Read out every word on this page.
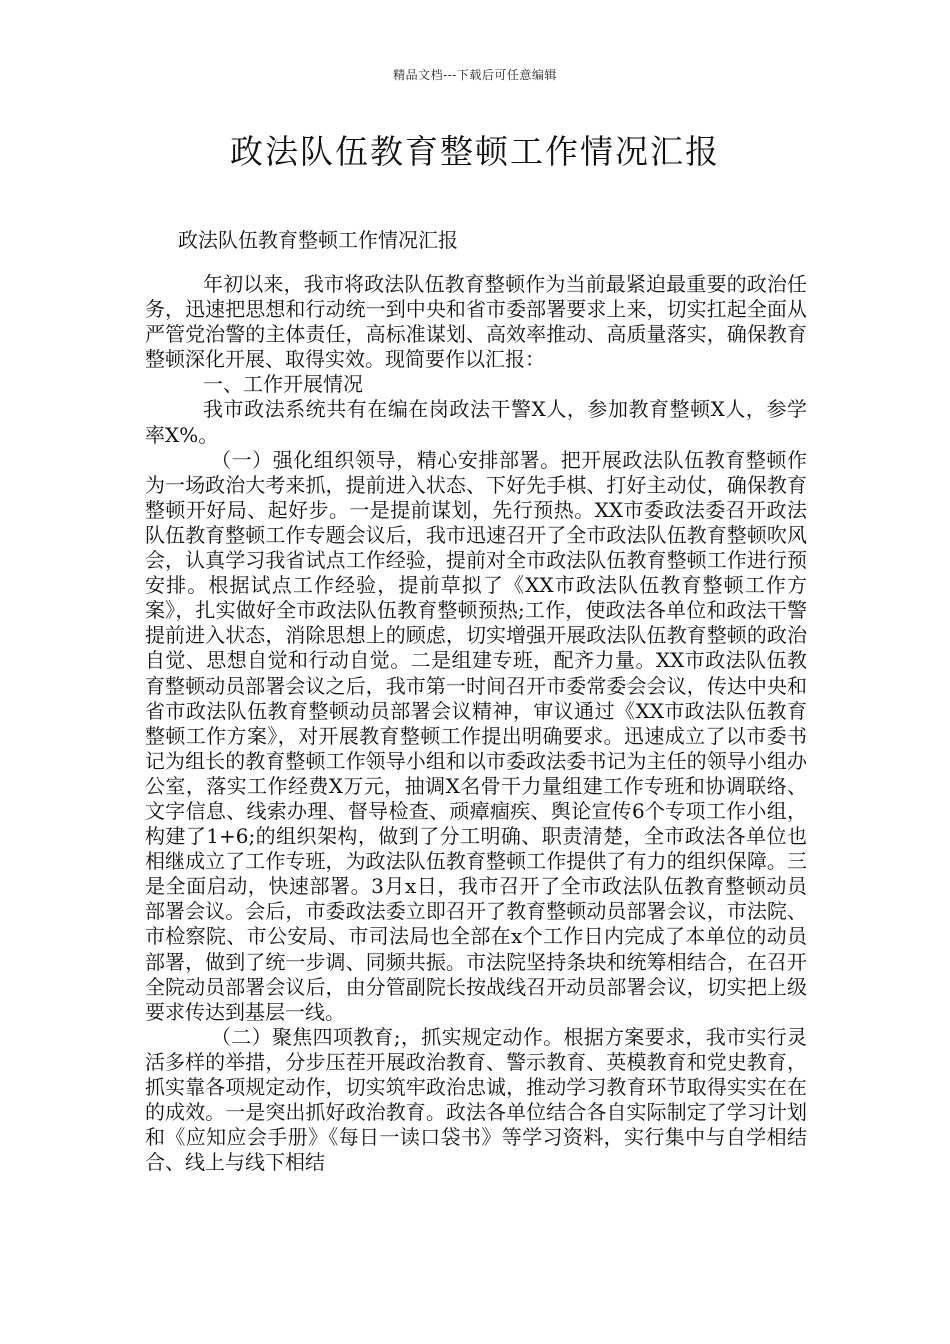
精品文档---下载后可任意编辑
政法队伍教育整顿工作情况汇报

政法队伍教育整顿工作情况汇报

年初以来，我市将政法队伍教育整顿作为当前最紧迫最重要的政治任务，迅速把思想和行动统一到中央和省市委部署要求上来，切实扛起全面从严管党治警的主体责任，高标准谋划、高效率推动、高质量落实，确保教育整顿深化开展、取得实效。现简要作以汇报：

一、工作开展情况

我市政法系统共有在编在岗政法干警X人，参加教育整顿X人，参学率X%。

（一）强化组织领导，精心安排部署。把开展政法队伍教育整顿作为一场政治大考来抓，提前进入状态、下好先手棋、打好主动仗，确保教育整顿开好局、起好步。一是提前谋划，先行预热。XX市委政法委召开政法队伍教育整顿工作专题会议后，我市迅速召开了全市政法队伍教育整顿吹风会，认真学习我省试点工作经验，提前对全市政法队伍教育整顿工作进行预安排。根据试点工作经验，提前草拟了《XX市政法队伍教育整顿工作方案》，扎实做好全市政法队伍教育整顿预热;工作，使政法各单位和政法干警提前进入状态，消除思想上的顾虑，切实增强开展政法队伍教育整顿的政治自觉、思想自觉和行动自觉。二是组建专班，配齐力量。XX市政法队伍教育整顿动员部署会议之后，我市第一时间召开市委常委会会议，传达中央和省市政法队伍教育整顿动员部署会议精神，审议通过《XX市政法队伍教育整顿工作方案》，对开展教育整顿工作提出明确要求。迅速成立了以市委书记为组长的教育整顿工作领导小组和以市委政法委书记为主任的领导小组办公室，落实工作经费X万元，抽调X名骨干力量组建工作专班和协调联络、文字信息、线索办理、督导检查、顽瘴痼疾、舆论宣传6个专项工作小组，构建了1+6;的组织架构，做到了分工明确、职责清楚，全市政法各单位也相继成立了工作专班，为政法队伍教育整顿工作提供了有力的组织保障。三是全面启动，快速部署。3月x日，我市召开了全市政法队伍教育整顿动员部署会议。会后，市委政法委立即召开了教育整顿动员部署会议，市法院、市检察院、市公安局、市司法局也全部在x个工作日内完成了本单位的动员部署，做到了统一步调、同频共振。市法院坚持条块和统筹相结合，在召开全院动员部署会议后，由分管副院长按战线召开动员部署会议，切实把上级要求传达到基层一线。

（二）聚焦四项教育;，抓实规定动作。根据方案要求，我市实行灵活多样的举措，分步压茬开展政治教育、警示教育、英模教育和党史教育，抓实靠各项规定动作，切实筑牢政治忠诚，推动学习教育环节取得实实在在的成效。一是突出抓好政治教育。政法各单位结合各自实际制定了学习计划和《应知应会手册》《每日一读口袋书》等学习资料，实行集中与自学相结合、线上与线下相结
